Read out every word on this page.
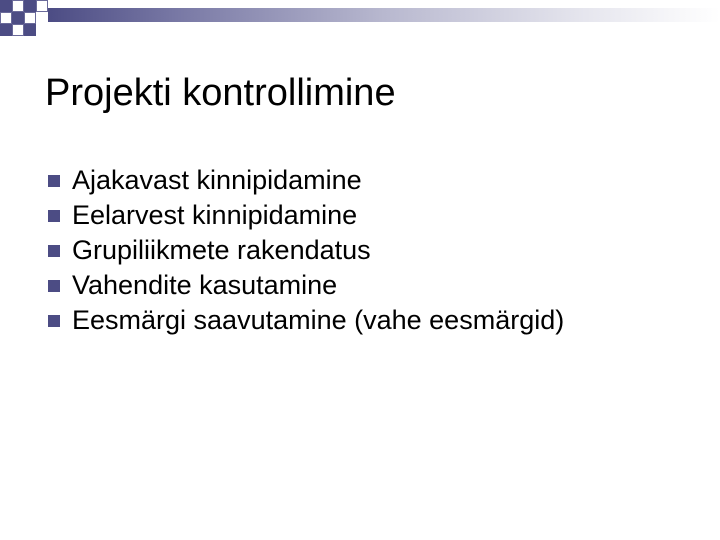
Projekti kontrollimine
Ajakavast kinnipidamine
Eelarvest kinnipidamine
Grupiliikmete rakendatus
Vahendite kasutamine
Eesmärgi saavutamine (vahe eesmärgid)
